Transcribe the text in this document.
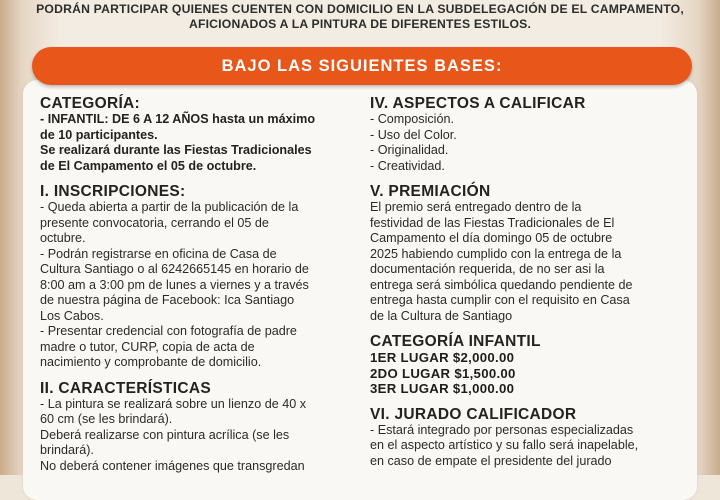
PODRÁN PARTICIPAR QUIENES CUENTEN CON DOMICILIO EN LA SUBDELEGACIÓN DE EL CAMPAMENTO,
AFICIONADOS A LA PINTURA DE DIFERENTES ESTILOS.
BAJO LAS SIGUIENTES BASES:

CATEGORÍA:

- INFANTIL: DE 6 A 12 AÑOS hasta un máximo

de 10 participantes.

Se realizará durante las Fiestas Tradicionales

de El Campamento el 05 de octubre.

I. INSCRIPCIONES:

- Queda abierta a partir de la publicación de la

presente convocatoria, cerrando el 05 de

octubre.

- Podrán registrarse en oficina de Casa de

Cultura Santiago o al 6242665145 en horario de

8:00 am a 3:00 pm de lunes a viernes y a través

de nuestra página de Facebook: Ica Santiago

Los Cabos.

- Presentar credencial con fotografía de padre

madre o tutor, CURP, copia de acta de

nacimiento y comprobante de domicilio.

II. CARACTERÍSTICAS

- La pintura se realizará sobre un lienzo de 40 x

60 cm (se les brindará).

Deberá realizarse con pintura acrílica (se les

brindará).

No deberá contener imágenes que transgredan

IV. ASPECTOS A CALIFICAR

- Composición.

- Uso del Color.

- Originalidad.

- Creatividad.

V. PREMIACIÓN

El premio será entregado dentro de la

festividad de las Fiestas Tradicionales de El

Campamento el día domingo 05 de octubre

2025 habiendo cumplido con la entrega de la

documentación requerida, de no ser asi la

entrega será simbólica quedando pendiente de

entrega hasta cumplir con el requisito en Casa

de la Cultura de Santiago

CATEGORÍA INFANTIL

1ER LUGAR $2,000.00

2DO LUGAR $1,500.00

3ER LUGAR $1,000.00

VI. JURADO CALIFICADOR

- Estará integrado por personas especializadas

en el aspecto artístico y su fallo será inapelable,

en caso de empate el presidente del jurado
